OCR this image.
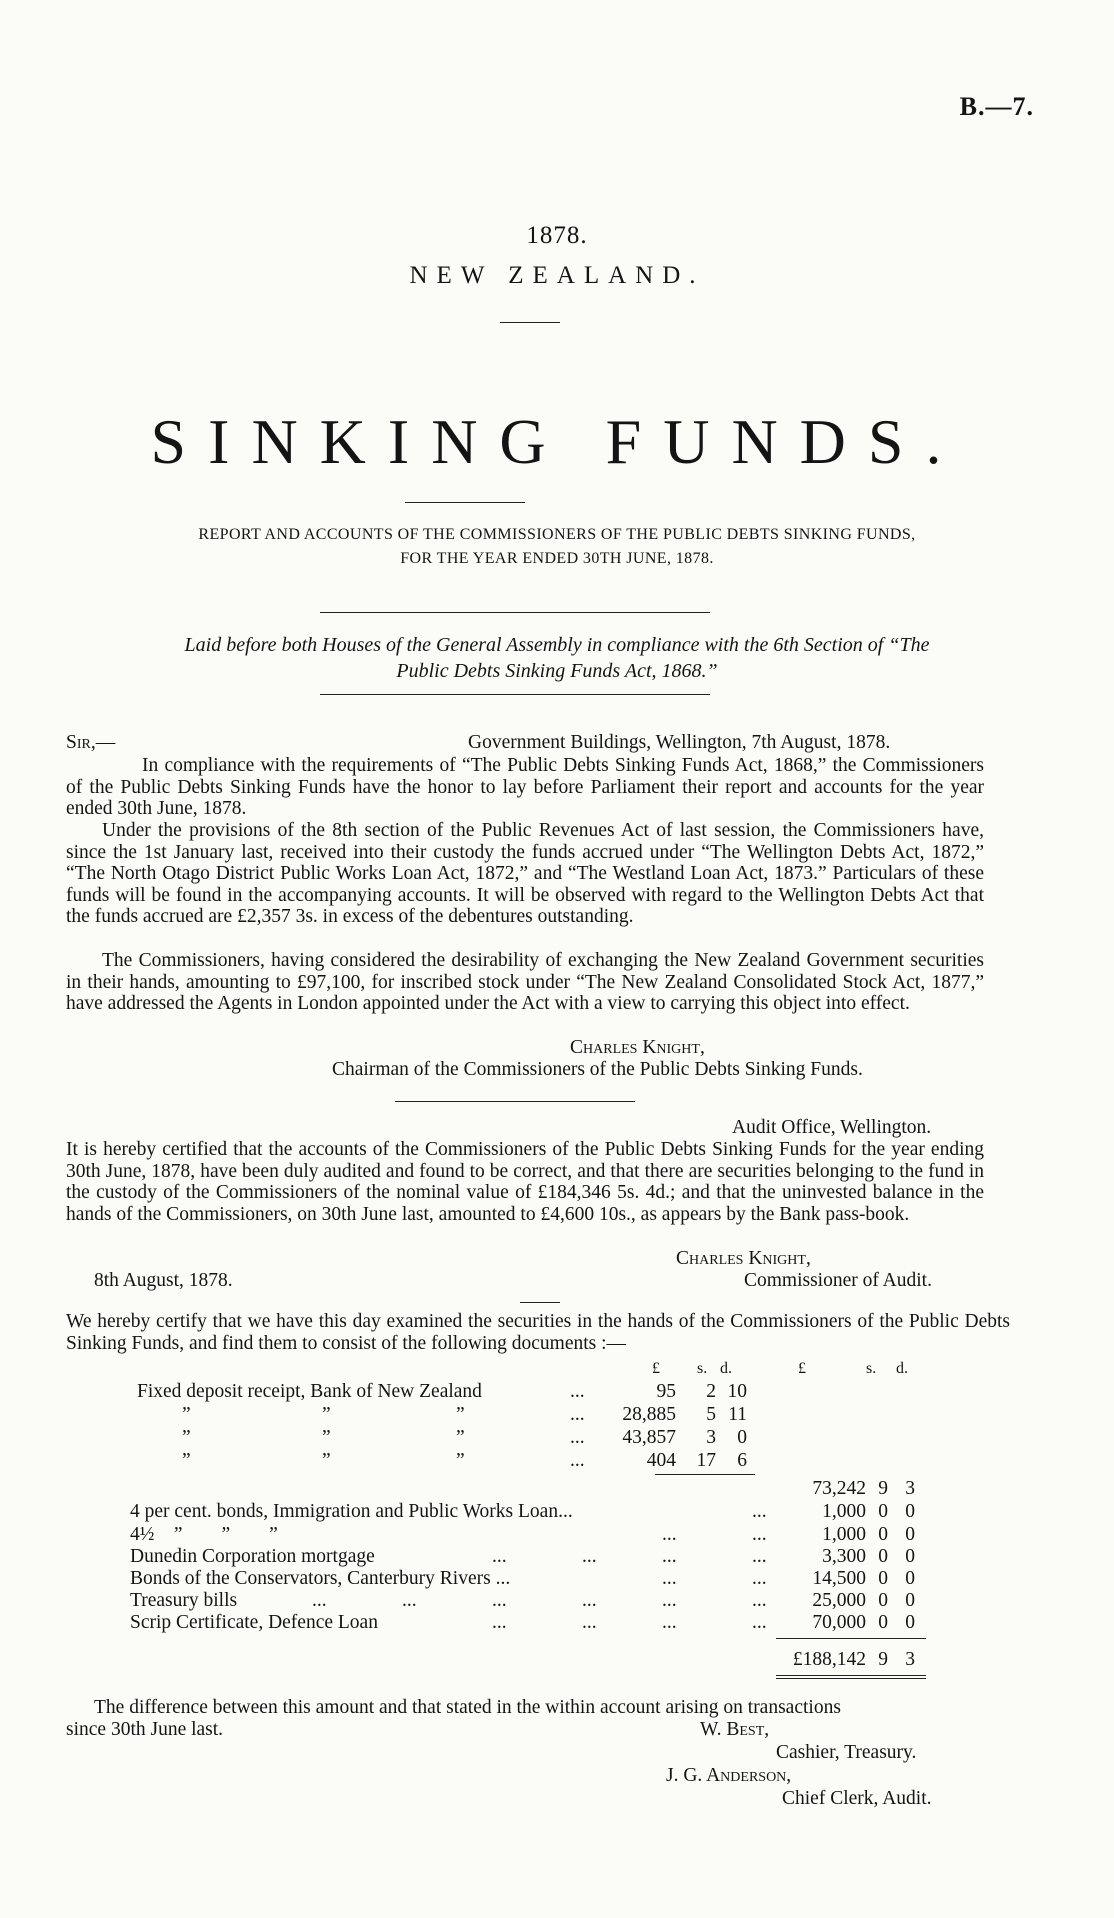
B.—7.
1878.
NEW ZEALAND.
SINKING FUNDS.
REPORT AND ACCOUNTS OF THE COMMISSIONERS OF THE PUBLIC DEBTS SINKING FUNDS,
FOR THE YEAR ENDED 30TH JUNE, 1878.
Laid before both Houses of the General Assembly in compliance with the 6th Section of “The
Public Debts Sinking Funds Act, 1868.”
Sir,—	Government Buildings, Wellington, 7th August, 1878.
In compliance with the requirements of “The Public Debts Sinking Funds Act, 1868,” the Commissioners of the Public Debts Sinking Funds have the honor to lay before Parliament their report and accounts for the year ended 30th June, 1878.
Under the provisions of the 8th section of the Public Revenues Act of last session, the Commissioners have, since the 1st January last, received into their custody the funds accrued under “The Wellington Debts Act, 1872,” “The North Otago District Public Works Loan Act, 1872,” and “The Westland Loan Act, 1873.” Particulars of these funds will be found in the accompanying accounts. It will be observed with regard to the Wellington Debts Act that the funds accrued are £2,357 3s. in excess of the debentures outstanding.
The Commissioners, having considered the desirability of exchanging the New Zealand Government securities in their hands, amounting to £97,100, for inscribed stock under “The New Zealand Consolidated Stock Act, 1877,” have addressed the Agents in London appointed under the Act with a view to carrying this object into effect.
Charles Knight,
Chairman of the Commissioners of the Public Debts Sinking Funds.
Audit Office, Wellington.
It is hereby certified that the accounts of the Commissioners of the Public Debts Sinking Funds for the year ending 30th June, 1878, have been duly audited and found to be correct, and that there are securities belonging to the fund in the custody of the Commissioners of the nominal value of £184,346 5s. 4d.; and that the uninvested balance in the hands of the Commissioners, on 30th June last, amounted to £4,600 10s., as appears by the Bank pass-book.
Charles Knight,
8th August, 1878.	Commissioner of Audit.
We hereby certify that we have this day examined the securities in the hands of the Commissioners of the Public Debts Sinking Funds, and find them to consist of the following documents :—
£ s. d.	£	s. d.
Fixed deposit receipt, Bank of New Zealand	...	95	2 10
”	”	”	...	28,885	5 11
”	”	”	...	43,857	3	0
”	”	”	...	404	17	6
73,242 9 3
4 per cent. bonds, Immigration and Public Works Loan...	...	1,000 0 0
4½    ”        ”        ”	...	...	1,000 0 0
Dunedin Corporation mortgage	...	...	...	...	3,300 0 0
Bonds of the Conservators, Canterbury Rivers ...	...	...	14,500 0 0
Treasury bills	...	...	...	...	...	...	25,000 0 0
Scrip Certificate, Defence Loan	...	...	...	...	70,000 0 0
£188,142 9 3
The difference between this amount and that stated in the within account arising on transactions
since 30th June last.	W. Best,
Cashier, Treasury.
J. G. Anderson,
Chief Clerk, Audit.
